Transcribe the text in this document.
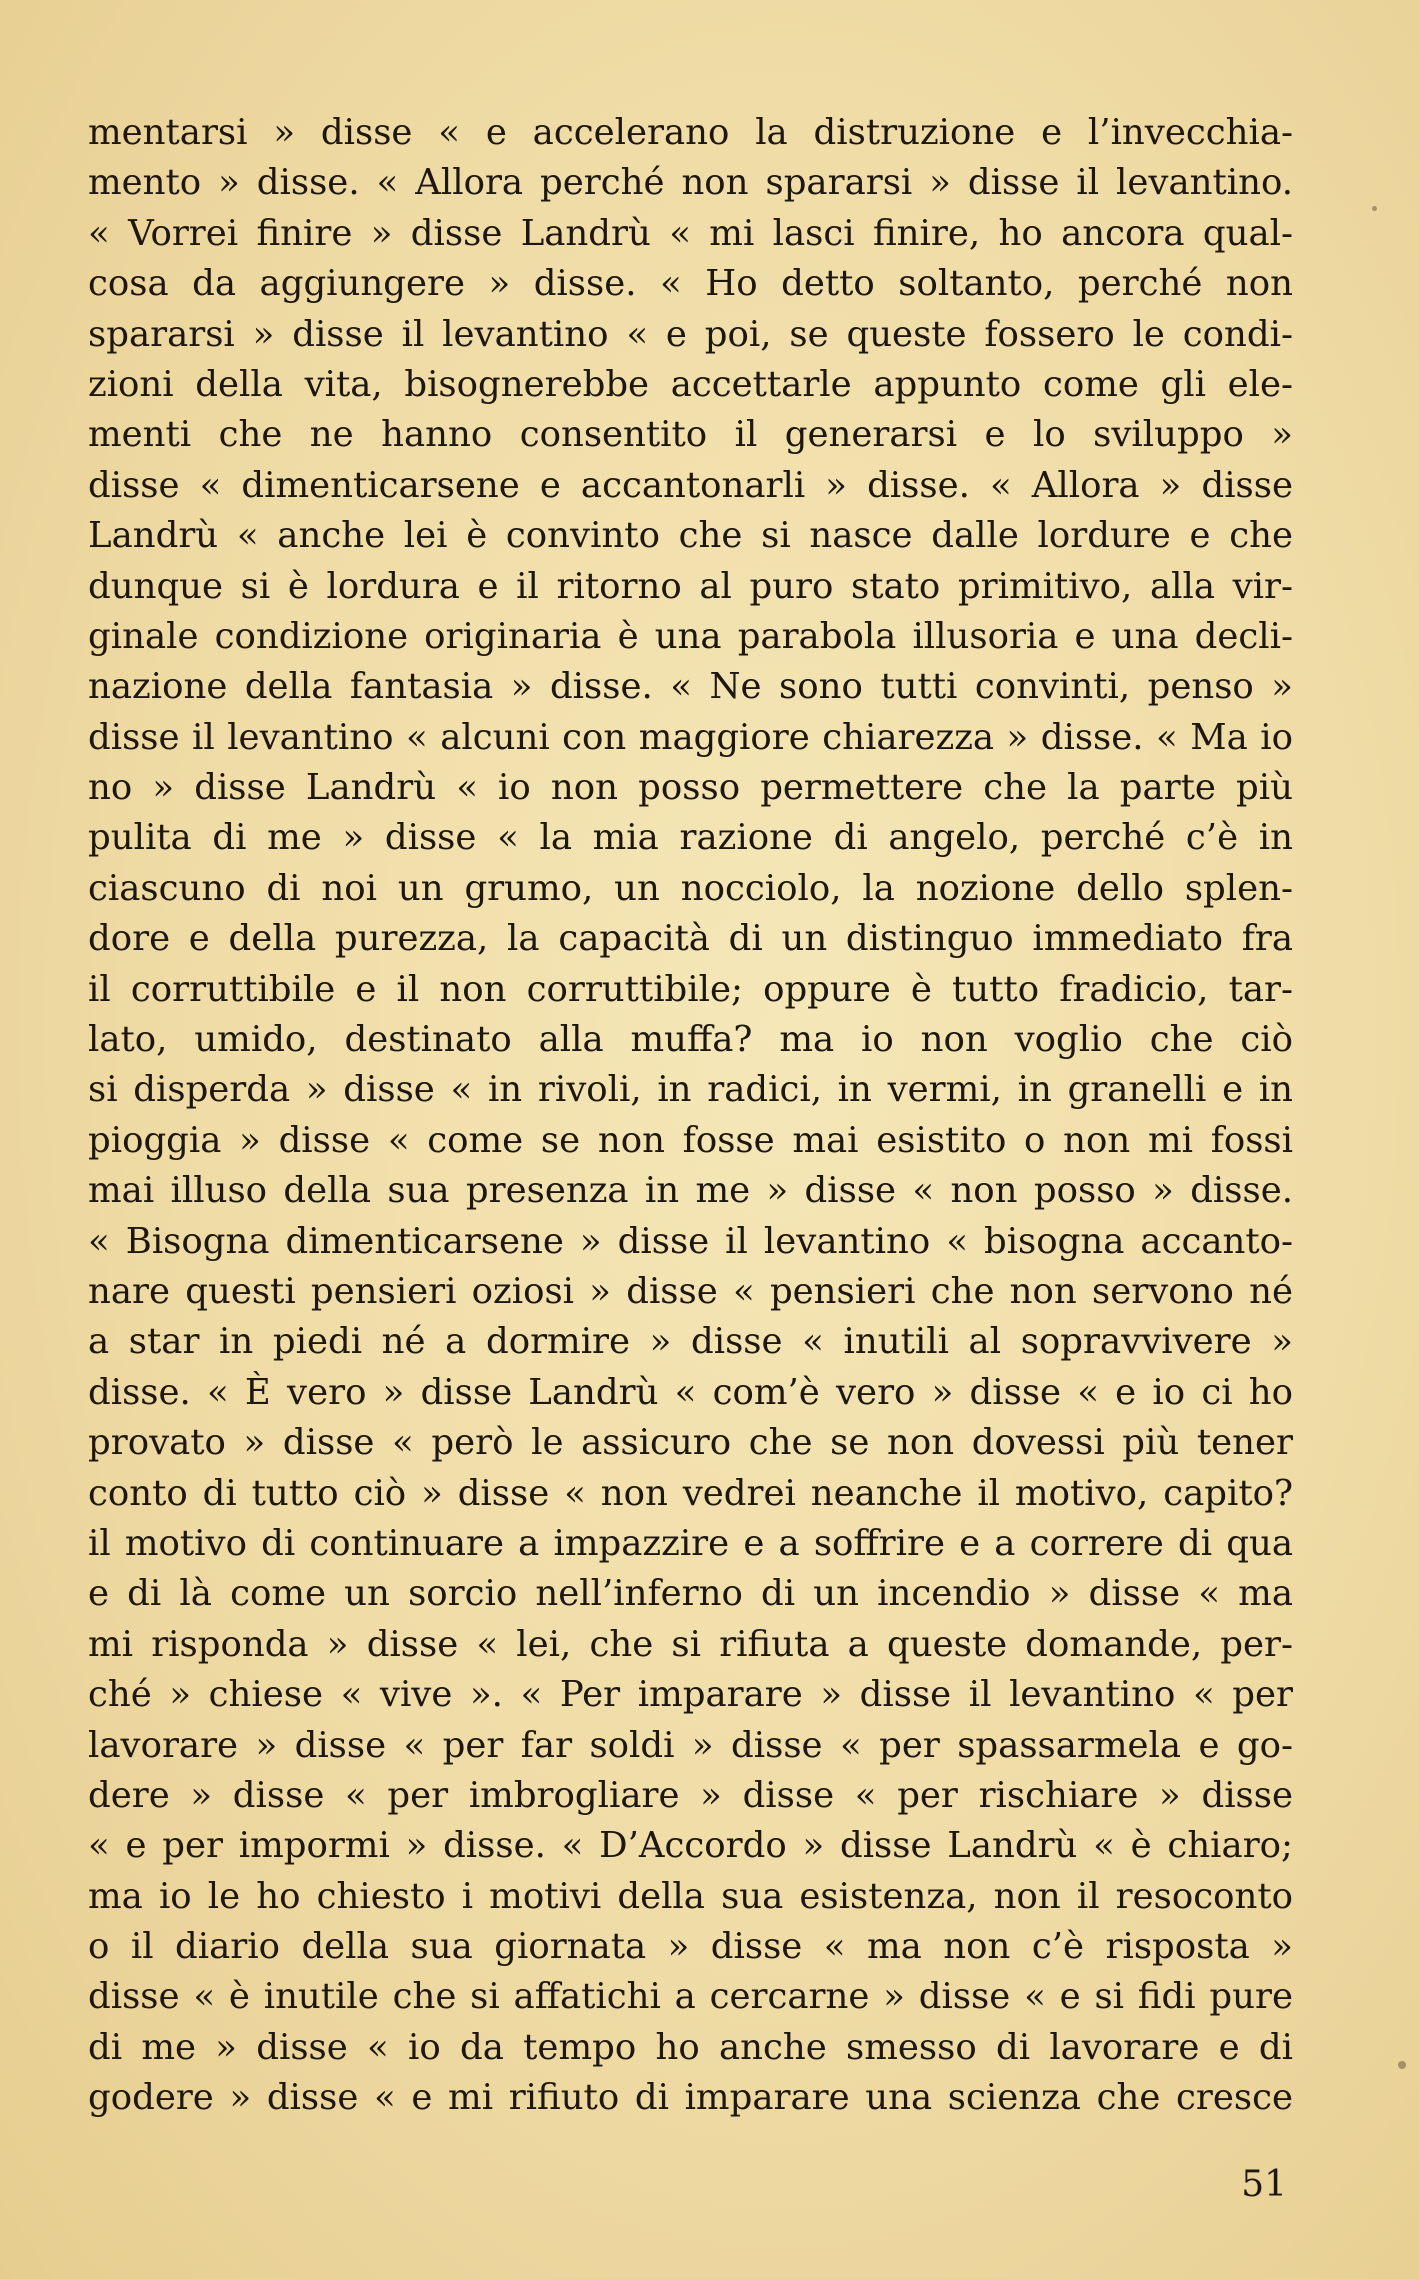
mentarsi » disse « e accelerano la distruzione e l’invecchia-
mento » disse. « Allora perché non spararsi » disse il levantino.
« Vorrei finire » disse Landrù « mi lasci finire, ho ancora qual-
cosa da aggiungere » disse. « Ho detto soltanto, perché non
spararsi » disse il levantino « e poi, se queste fossero le condi-
zioni della vita, bisognerebbe accettarle appunto come gli ele-
menti che ne hanno consentito il generarsi e lo sviluppo »
disse « dimenticarsene e accantonarli » disse. « Allora » disse
Landrù « anche lei è convinto che si nasce dalle lordure e che
dunque si è lordura e il ritorno al puro stato primitivo, alla vir-
ginale condizione originaria è una parabola illusoria e una decli-
nazione della fantasia » disse. « Ne sono tutti convinti, penso »
disse il levantino « alcuni con maggiore chiarezza » disse. « Ma io
no » disse Landrù « io non posso permettere che la parte più
pulita di me » disse « la mia razione di angelo, perché c’è in
ciascuno di noi un grumo, un nocciolo, la nozione dello splen-
dore e della purezza, la capacità di un distinguo immediato fra
il corruttibile e il non corruttibile; oppure è tutto fradicio, tar-
lato, umido, destinato alla muffa? ma io non voglio che ciò
si disperda » disse « in rivoli, in radici, in vermi, in granelli e in
pioggia » disse « come se non fosse mai esistito o non mi fossi
mai illuso della sua presenza in me » disse « non posso » disse.
« Bisogna dimenticarsene » disse il levantino « bisogna accanto-
nare questi pensieri oziosi » disse « pensieri che non servono né
a star in piedi né a dormire » disse « inutili al sopravvivere »
disse. « È vero » disse Landrù « com’è vero » disse « e io ci ho
provato » disse « però le assicuro che se non dovessi più tener
conto di tutto ciò » disse « non vedrei neanche il motivo, capito?
il motivo di continuare a impazzire e a soffrire e a correre di qua
e di là come un sorcio nell’inferno di un incendio » disse « ma
mi risponda » disse « lei, che si rifiuta a queste domande, per-
ché » chiese « vive ». « Per imparare » disse il levantino « per
lavorare » disse « per far soldi » disse « per spassarmela e go-
dere » disse « per imbrogliare » disse « per rischiare » disse
« e per impormi » disse. « D’Accordo » disse Landrù « è chiaro;
ma io le ho chiesto i motivi della sua esistenza, non il resoconto
o il diario della sua giornata » disse « ma non c’è risposta »
disse « è inutile che si affatichi a cercarne » disse « e si fidi pure
di me » disse « io da tempo ho anche smesso di lavorare e di
godere » disse « e mi rifiuto di imparare una scienza che cresce
51
